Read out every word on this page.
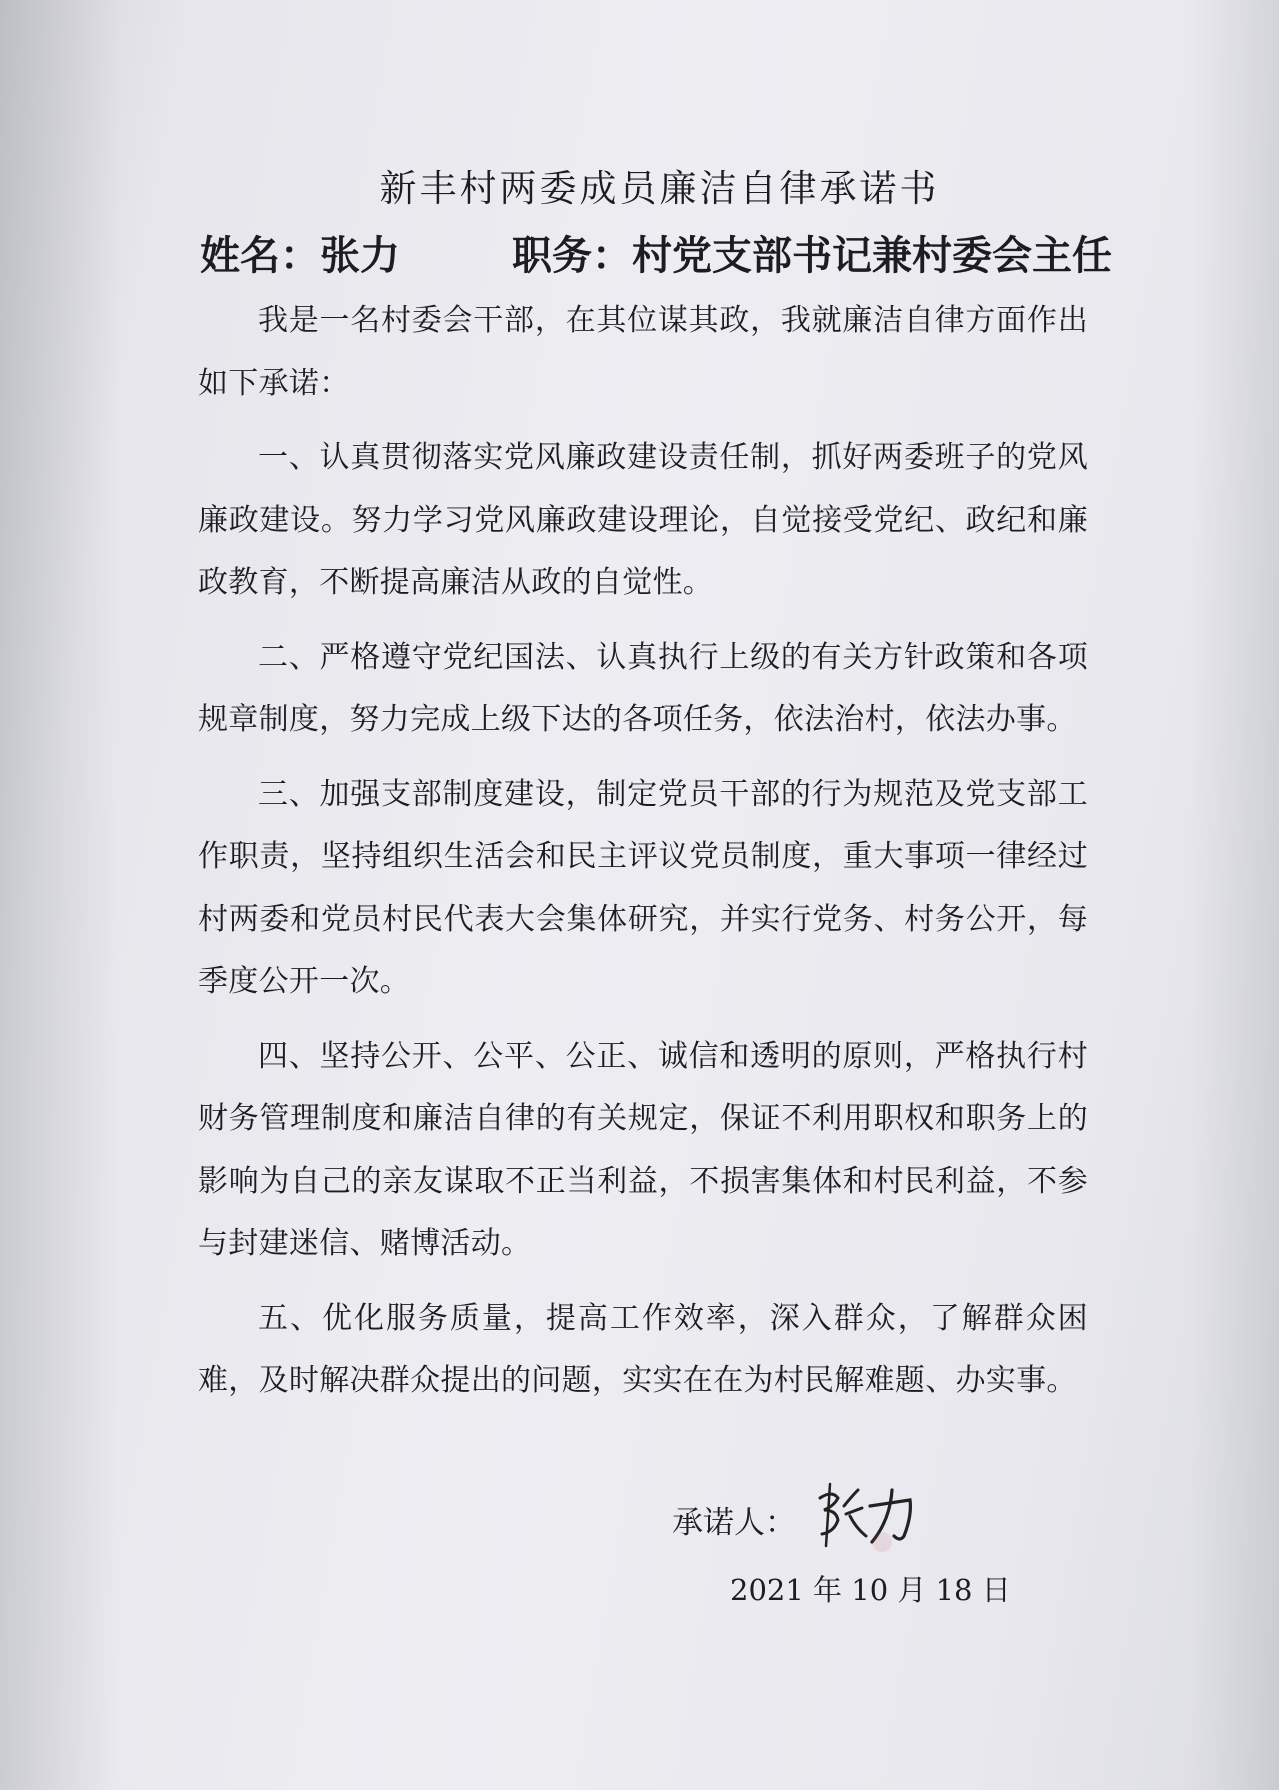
新丰村两委成员廉洁自律承诺书
姓名：张力	职务：村党支部书记兼村委会主任

我是一名村委会干部，在其位谋其政，我就廉洁自律方面作出如下承诺：

一、认真贯彻落实党风廉政建设责任制，抓好两委班子的党风廉政建设。努力学习党风廉政建设理论，自觉接受党纪、政纪和廉政教育，不断提高廉洁从政的自觉性。

二、严格遵守党纪国法、认真执行上级的有关方针政策和各项规章制度，努力完成上级下达的各项任务，依法治村，依法办事。

三、加强支部制度建设，制定党员干部的行为规范及党支部工作职责，坚持组织生活会和民主评议党员制度，重大事项一律经过村两委和党员村民代表大会集体研究，并实行党务、村务公开，每季度公开一次。

四、坚持公开、公平、公正、诚信和透明的原则，严格执行村财务管理制度和廉洁自律的有关规定，保证不利用职权和职务上的影响为自己的亲友谋取不正当利益，不损害集体和村民利益，不参与封建迷信、赌博活动。

五、优化服务质量，提高工作效率，深入群众，了解群众困难，及时解决群众提出的问题，实实在在为村民解难题、办实事。

承诺人：
2021 年 10 月 18 日
